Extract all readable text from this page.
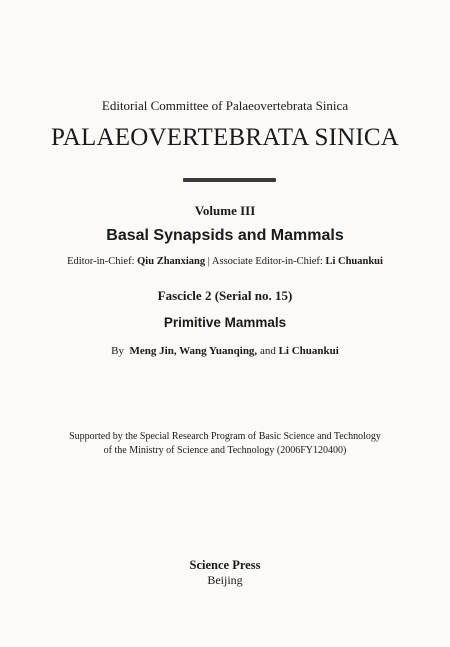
Editorial Committee of Palaeovertebrata Sinica
PALAEOVERTEBRATA SINICA
Volume III
Basal Synapsids and Mammals
Editor-in-Chief: Qiu Zhanxiang | Associate Editor-in-Chief: Li Chuankui
Fascicle 2 (Serial no. 15)
Primitive Mammals
By Meng Jin, Wang Yuanqing, and Li Chuankui
Supported by the Special Research Program of Basic Science and Technology
of the Ministry of Science and Technology (2006FY120400)
Science Press
Beijing
